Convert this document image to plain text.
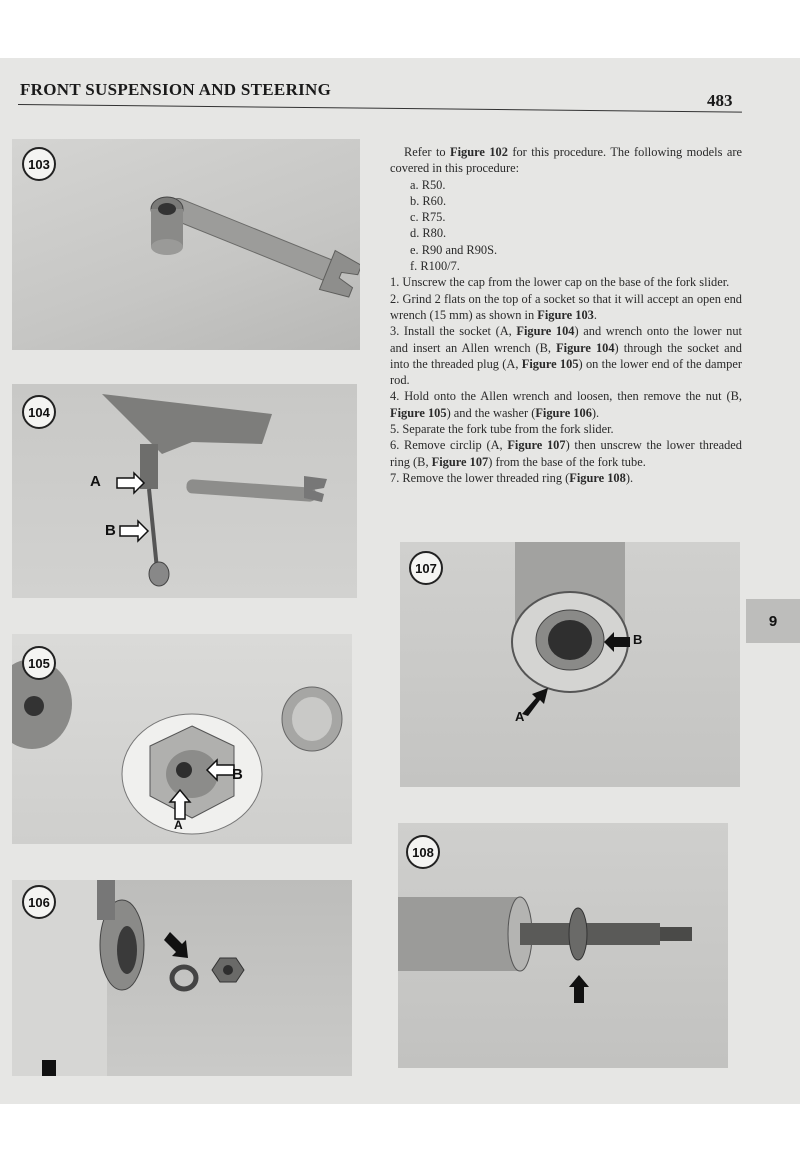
FRONT SUSPENSION AND STEERING
483
103
A
B
104
B
A
105
106
B
A
107
108

Refer to Figure 102 for this procedure. The following models are covered in this procedure:

a. R50.
b. R60.
c. R75.
d. R80.
e. R90 and R90S.
f. R100/7.

1. Unscrew the cap from the lower cap on the base of the fork slider.

2. Grind 2 flats on the top of a socket so that it will accept an open end wrench (15 mm) as shown in Figure 103.

3. Install the socket (A, Figure 104) and wrench onto the lower nut and insert an Allen wrench (B, Figure 104) through the socket and into the threaded plug (A, Figure 105) on the lower end of the damper rod.

4. Hold onto the Allen wrench and loosen, then remove the nut (B, Figure 105) and the washer (Figure 106).

5. Separate the fork tube from the fork slider.

6. Remove circlip (A, Figure 107) then unscrew the lower threaded ring (B, Figure 107) from the base of the fork tube.

7. Remove the lower threaded ring (Figure 108).

9
